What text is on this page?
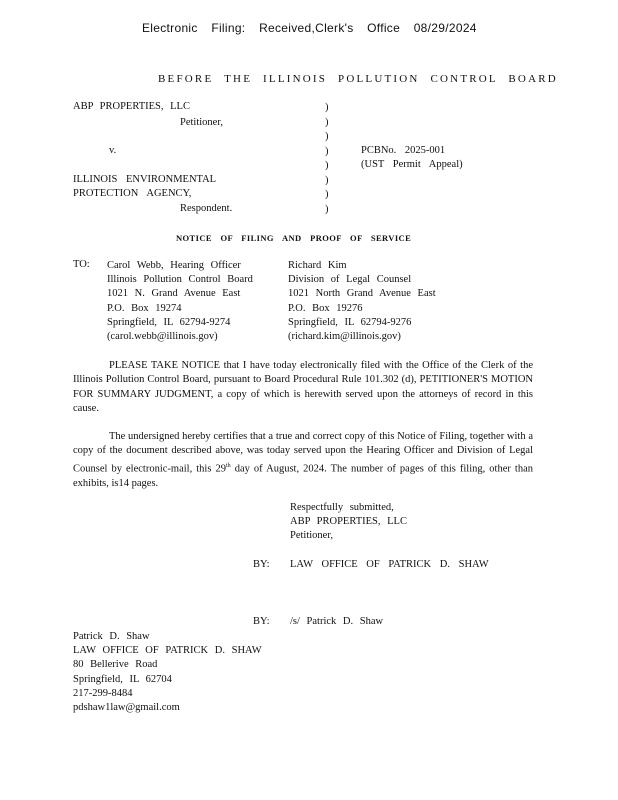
Electronic Filing: Received,Clerk's Office 08/29/2024
BEFORE THE ILLINOIS POLLUTION CONTROL BOARD
ABP PROPERTIES, LLC
Petitioner,
v.
ILLINOIS ENVIRONMENTAL
PROTECTION AGENCY,
Respondent.
)
)
)
)
)
)
)
)
PCBNo. 2025-001
(UST Permit Appeal)
NOTICE OF FILING AND PROOF OF SERVICE
TO: Carol Webb, Hearing Officer
Illinois Pollution Control Board
1021 N. Grand Avenue East
P.O. Box 19274
Springfield, IL 62794-9274
(carol.webb@illinois.gov)
Richard Kim
Division of Legal Counsel
1021 North Grand Avenue East
P.O. Box 19276
Springfield, IL 62794-9276
(richard.kim@illinois.gov)
PLEASE TAKE NOTICE that I have today electronically filed with the Office of the Clerk of the Illinois Pollution Control Board, pursuant to Board Procedural Rule 101.302 (d), PETITIONER'S MOTION FOR SUMMARY JUDGMENT, a copy of which is herewith served upon the attorneys of record in this cause.
The undersigned hereby certifies that a true and correct copy of this Notice of Filing, together with a copy of the document described above, was today served upon the Hearing Officer and Division of Legal Counsel by electronic-mail, this 29th day of August, 2024. The number of pages of this filing, other than exhibits, is14 pages.
Respectfully submitted,
ABP PROPERTIES, LLC
Petitioner,
BY: LAW OFFICE OF PATRICK D. SHAW
BY: /s/ Patrick D. Shaw
Patrick D. Shaw
LAW OFFICE OF PATRICK D. SHAW
80 Bellerive Road
Springfield, IL 62704
217-299-8484
pdshaw1law@gmail.com
